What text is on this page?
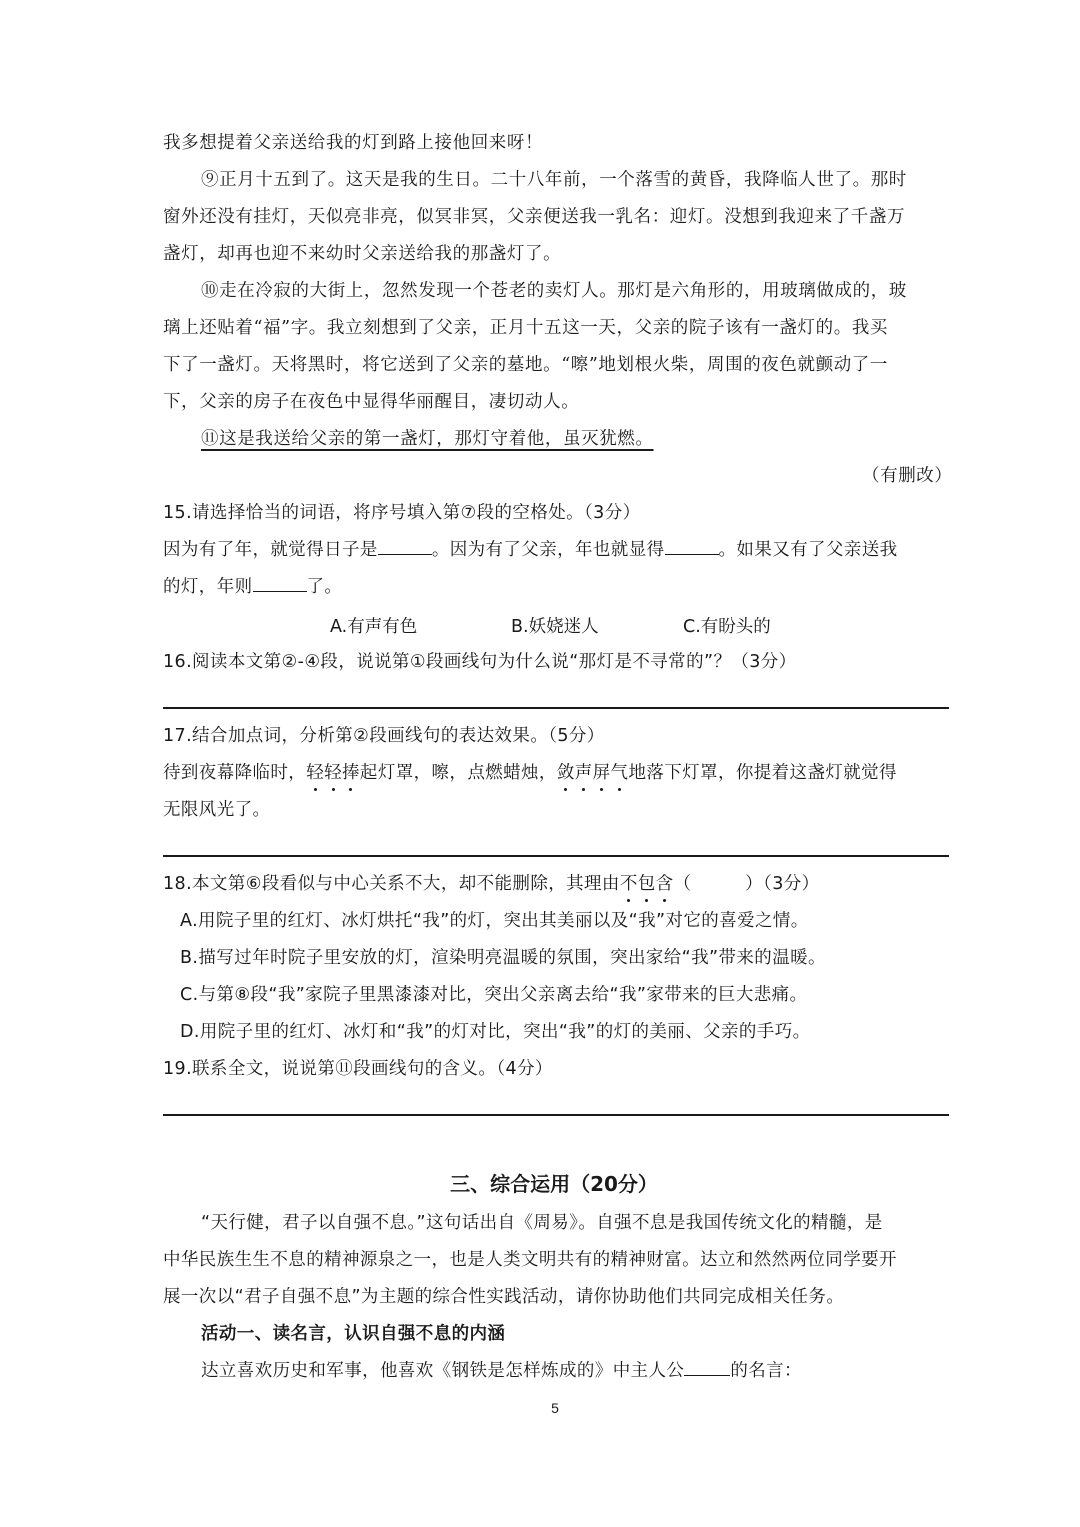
我多想提着父亲送给我的灯到路上接他回来呀！
⑨正月十五到了。这天是我的生日。二十八年前，一个落雪的黄昏，我降临人世了。那时
窗外还没有挂灯，天似亮非亮，似冥非冥，父亲便送我一乳名：迎灯。没想到我迎来了千盏万
盏灯，却再也迎不来幼时父亲送给我的那盏灯了。
⑩走在冷寂的大街上，忽然发现一个苍老的卖灯人。那灯是六角形的，用玻璃做成的，玻
璃上还贴着“福”字。我立刻想到了父亲，正月十五这一天，父亲的院子该有一盏灯的。我买
下了一盏灯。天将黑时，将它送到了父亲的墓地。“嚓”地划根火柴，周围的夜色就颤动了一
下，父亲的房子在夜色中显得华丽醒目，凄切动人。
⑪这是我送给父亲的第一盏灯，那灯守着他，虽灭犹燃。
（有删改）
15.请选择恰当的词语，将序号填入第⑦段的空格处。（3分）
因为有了年，就觉得日子是	。因为有了父亲，年也就显得	。如果又有了父亲送我
的灯，年则	了。
A.有声有色	B.妖娆迷人	C.有盼头的
16.阅读本文第②-④段，说说第①段画线句为什么说“那灯是不寻常的”？（3分）
17.结合加点词，分析第②段画线句的表达效果。（5分）
待到夜幕降临时，轻轻捧起灯罩，嚓，点燃蜡烛，敛声屏气地落下灯罩，你提着这盏灯就觉得
无限风光了。
18.本文第⑥段看似与中心关系不大，却不能删除，其理由不包含（　　　）（3分）
A.用院子里的红灯、冰灯烘托“我”的灯，突出其美丽以及“我”对它的喜爱之情。
B.描写过年时院子里安放的灯，渲染明亮温暖的氛围，突出家给“我”带来的温暖。
C.与第⑧段“我”家院子里黑漆漆对比，突出父亲离去给“我”家带来的巨大悲痛。
D.用院子里的红灯、冰灯和“我”的灯对比，突出“我”的灯的美丽、父亲的手巧。
19.联系全文，说说第⑪段画线句的含义。（4分）
三、综合运用（20分）
“天行健，君子以自强不息。”这句话出自《周易》。自强不息是我国传统文化的精髓，是
中华民族生生不息的精神源泉之一，也是人类文明共有的精神财富。达立和然然两位同学要开
展一次以“君子自强不息”为主题的综合性实践活动，请你协助他们共同完成相关任务。
活动一、读名言，认识自强不息的内涵
达立喜欢历史和军事，他喜欢《钢铁是怎样炼成的》中主人公	的名言：
5
